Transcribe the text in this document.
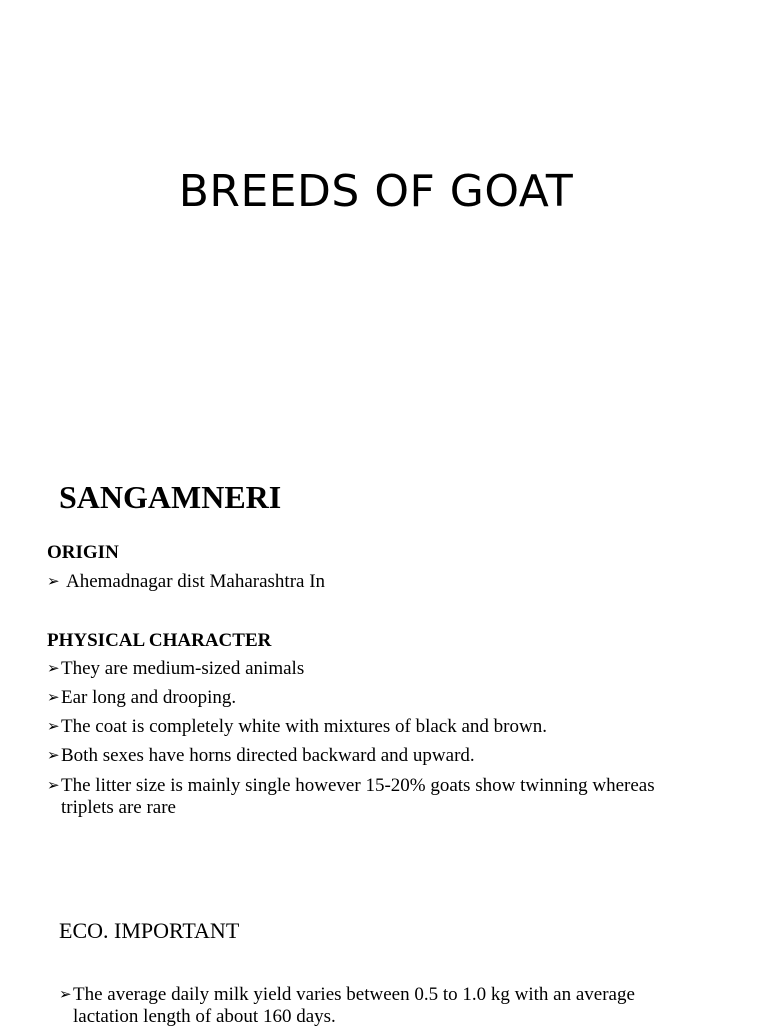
BREEDS OF GOAT
SANGAMNERI
ORIGIN
➢ Ahemadnagar dist Maharashtra In
PHYSICAL CHARACTER
➢ They are medium-sized animals
➢ Ear long and drooping.
➢ The coat is completely white with mixtures of black and brown.
➢ Both sexes have horns directed backward and upward.
➢ The litter size is mainly single however 15-20% goats show twinning whereas triplets are rare
ECO. IMPORTANT
➢ The average daily milk yield varies between 0.5 to 1.0 kg with an average lactation length of about 160 days.
